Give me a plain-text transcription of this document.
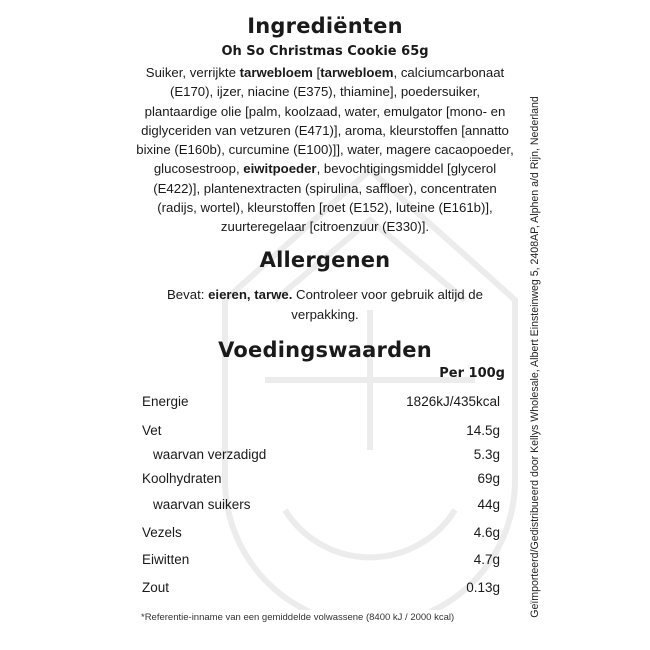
Ingrediënten
Oh So Christmas Cookie 65g
Suiker, verrijkte tarwebloem [tarwebloem, calciumcarbonaat (E170), ijzer, niacine (E375), thiamine], poedersuiker, plantaardige olie [palm, koolzaad, water, emulgator [mono- en diglyceriden van vetzuren (E471)], aroma, kleurstoffen [annatto bixine (E160b), curcumine (E100)]], water, magere cacaopoeder, glucosestroop, eiwitpoeder, bevochtigingsmiddel [glycerol (E422)], plantenextracten (spirulina, saffloer), concentraten (radijs, wortel), kleurstoffen [roet (E152), luteine (E161b)], zuurteregelaar [citroenzuur (E330)].
Allergenen
Bevat: eieren, tarwe. Controleer voor gebruik altijd de verpakking.
Voedingswaarden
Per 100g
Energie	1826kJ/435kcal
Vet	14.5g
waarvan verzadigd	5.3g
Koolhydraten	69g
waarvan suikers	44g
Vezels	4.6g
Eiwitten	4.7g
Zout	0.13g
*Referentie-inname van een gemiddelde volwassene (8400 kJ / 2000 kcal)	Geïmporteerd/Gedistribueerd door Kellys Wholesale, Albert Einsteinweg 5, 2408AP, Alphen a/d Rijn, Nederland
